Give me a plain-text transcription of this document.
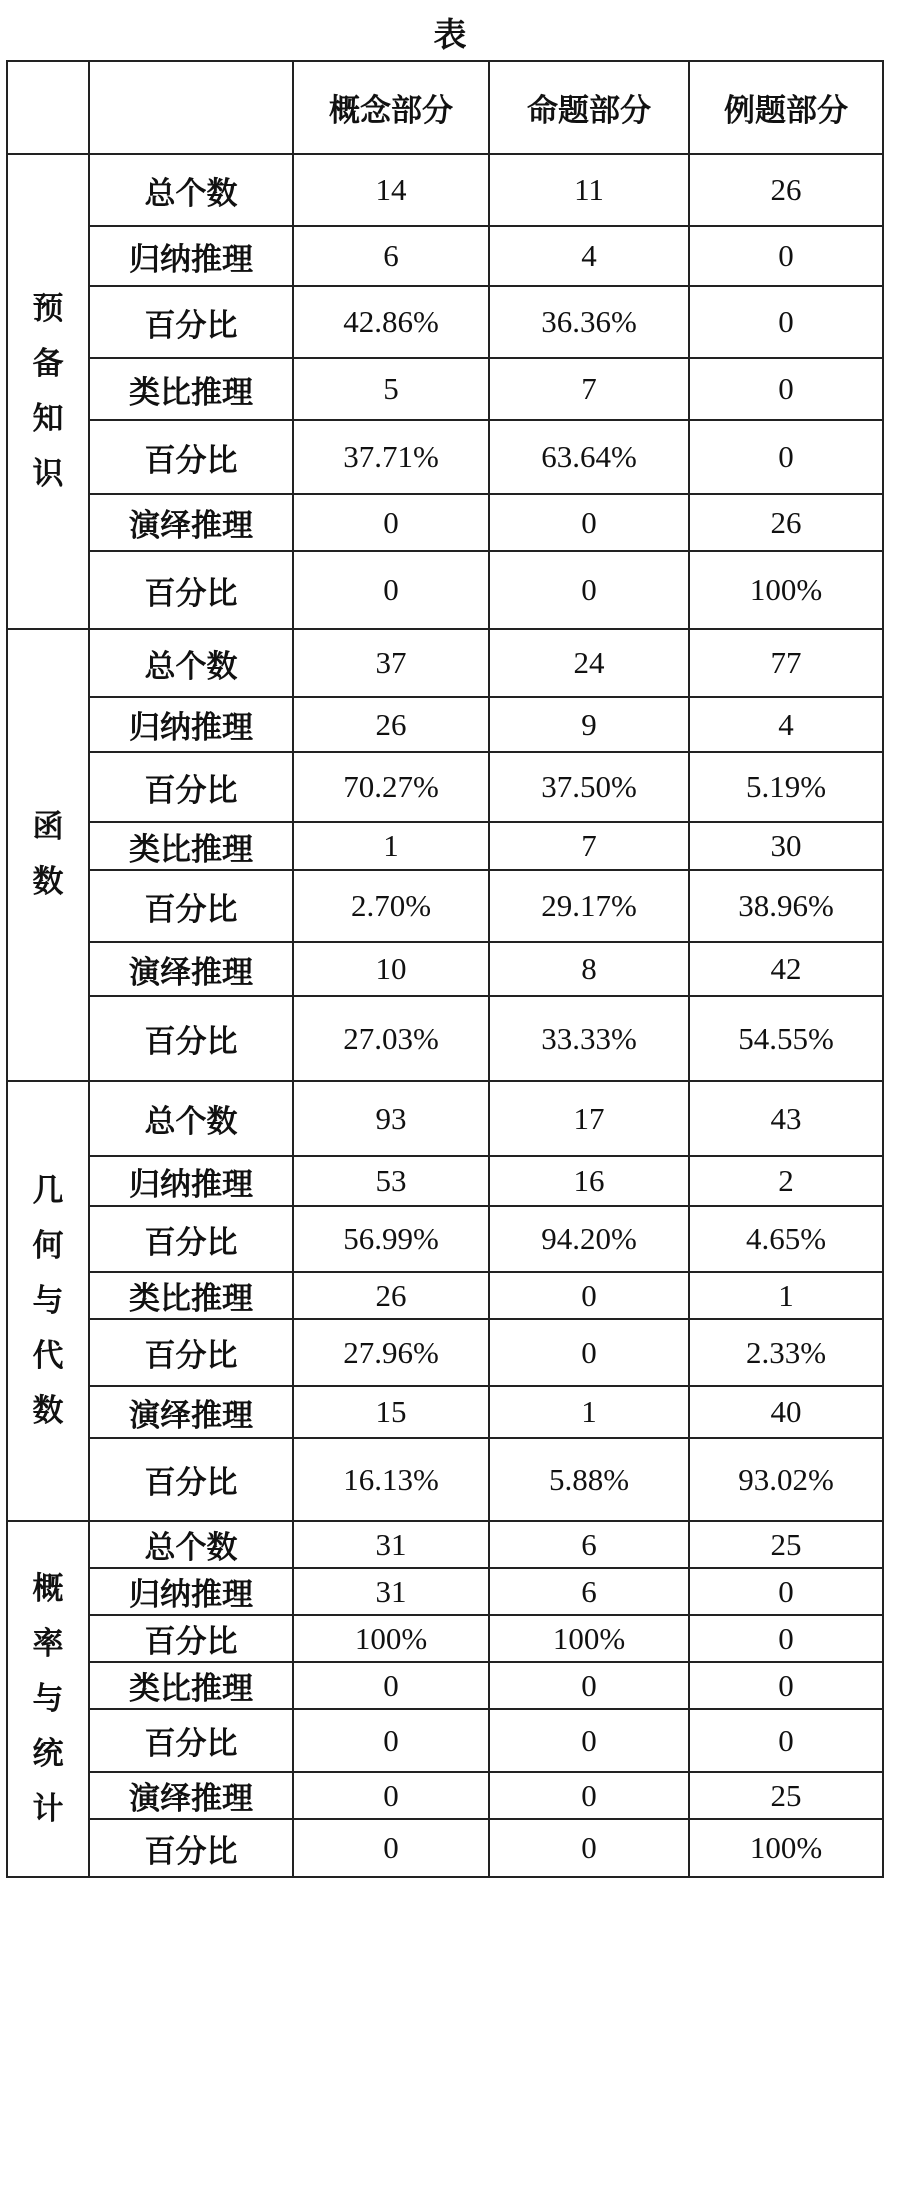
表
		概念部分	命题部分	例题部分
预备知识	总个数	14	11	26
	归纳推理	6	4	0
	百分比	42.86%	36.36%	0
	类比推理	5	7	0
	百分比	37.71%	63.64%	0
	演绎推理	0	0	26
	百分比	0	0	100%
函数	总个数	37	24	77
	归纳推理	26	9	4
	百分比	70.27%	37.50%	5.19%
	类比推理	1	7	30
	百分比	2.70%	29.17%	38.96%
	演绎推理	10	8	42
	百分比	27.03%	33.33%	54.55%
几何与代数	总个数	93	17	43
	归纳推理	53	16	2
	百分比	56.99%	94.20%	4.65%
	类比推理	26	0	1
	百分比	27.96%	0	2.33%
	演绎推理	15	1	40
	百分比	16.13%	5.88%	93.02%
概率与统计	总个数	31	6	25
	归纳推理	31	6	0
	百分比	100%	100%	0
	类比推理	0	0	0
	百分比	0	0	0
	演绎推理	0	0	25
	百分比	0	0	100%
